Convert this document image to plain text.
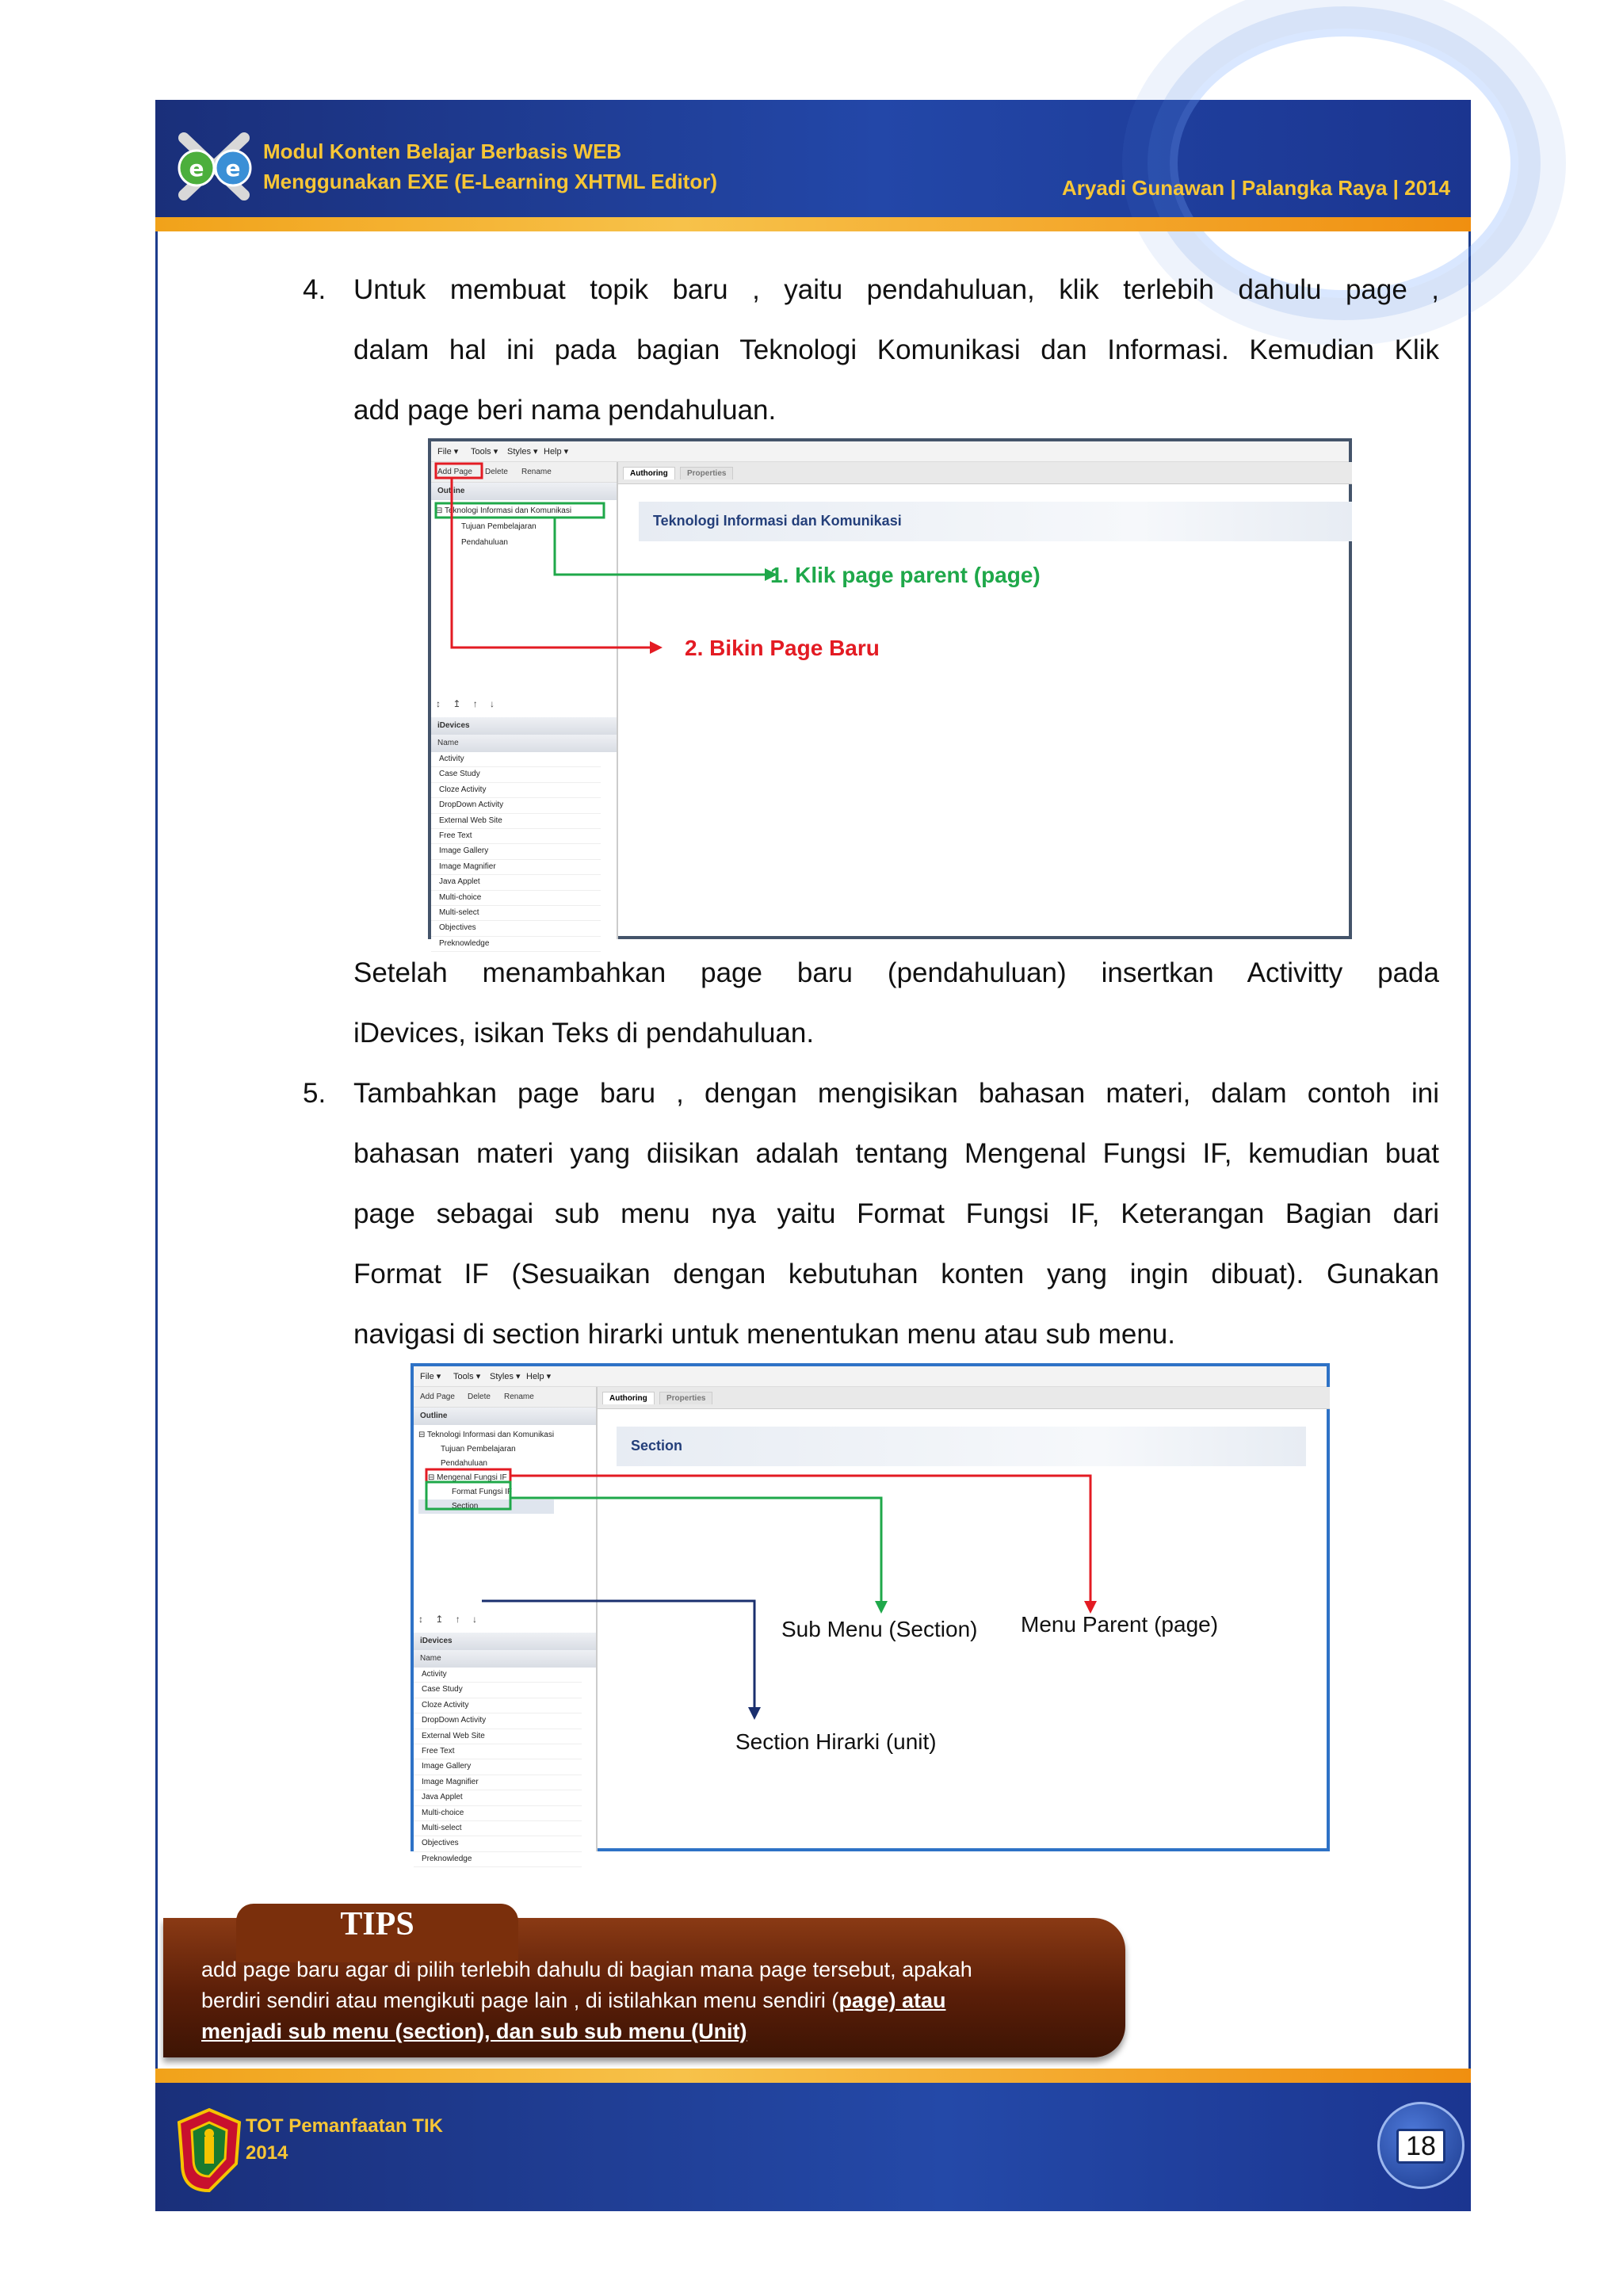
e e
Modul Konten Belajar Berbasis WEB
Menggunakan EXE (E-Learning XHTML Editor)	Aryadi Gunawan | Palangka Raya | 2014
4. Untuk membuat topik baru , yaitu pendahuluan, klik terlebih dahulu page ,
dalam hal ini pada bagian Teknologi Komunikasi dan Informasi. Kemudian Klik
add page beri nama pendahuluan.
File ▾ Tools ▾ Styles ▾ Help ▾
Add Page Delete Rename
Outline
⊟ Teknologi Informasi dan Komunikasi
Tujuan Pembelajaran
Pendahuluan
↕ ↥ ↑ ↓
iDevices
Name
Activity
Case Study
Cloze Activity
DropDown Activity
External Web Site
Free Text
Image Gallery
Image Magnifier
Java Applet
Multi-choice
Multi-select
Objectives
Preknowledge
Authoring	Properties
Teknologi Informasi dan Komunikasi
1. Klik page parent (page)
2. Bikin Page Baru
Setelah menambahkan page baru (pendahuluan) insertkan Activitty pada
iDevices, isikan Teks di pendahuluan.
5. Tambahkan page baru , dengan mengisikan bahasan materi, dalam contoh ini
bahasan materi yang diisikan adalah tentang Mengenal Fungsi IF, kemudian buat
page sebagai sub menu nya yaitu Format Fungsi IF, Keterangan Bagian dari
Format IF (Sesuaikan dengan kebutuhan konten yang ingin dibuat). Gunakan
navigasi di section hirarki untuk menentukan menu atau sub menu.
File ▾ Tools ▾ Styles ▾ Help ▾
Add Page Delete Rename
Outline
⊟ Teknologi Informasi dan Komunikasi
Tujuan Pembelajaran
Pendahuluan
⊟ Mengenal Fungsi IF
Format Fungsi IF
Section
↕ ↥ ↑ ↓
iDevices
Name
Activity
Case Study
Cloze Activity
DropDown Activity
External Web Site
Free Text
Image Gallery
Image Magnifier
Java Applet
Multi-choice
Multi-select
Objectives
Preknowledge
Authoring	Properties
Section
Sub Menu (Section) Menu Parent (page)
Section Hirarki (unit)
TIPS
add page baru agar di pilih terlebih dahulu di bagian mana page tersebut, apakah
berdiri sendiri atau mengikuti page lain , di istilahkan menu sendiri (page) atau
menjadi sub menu (section), dan sub sub menu (Unit)
TOT Pemanfaatan TIK
2014	18
